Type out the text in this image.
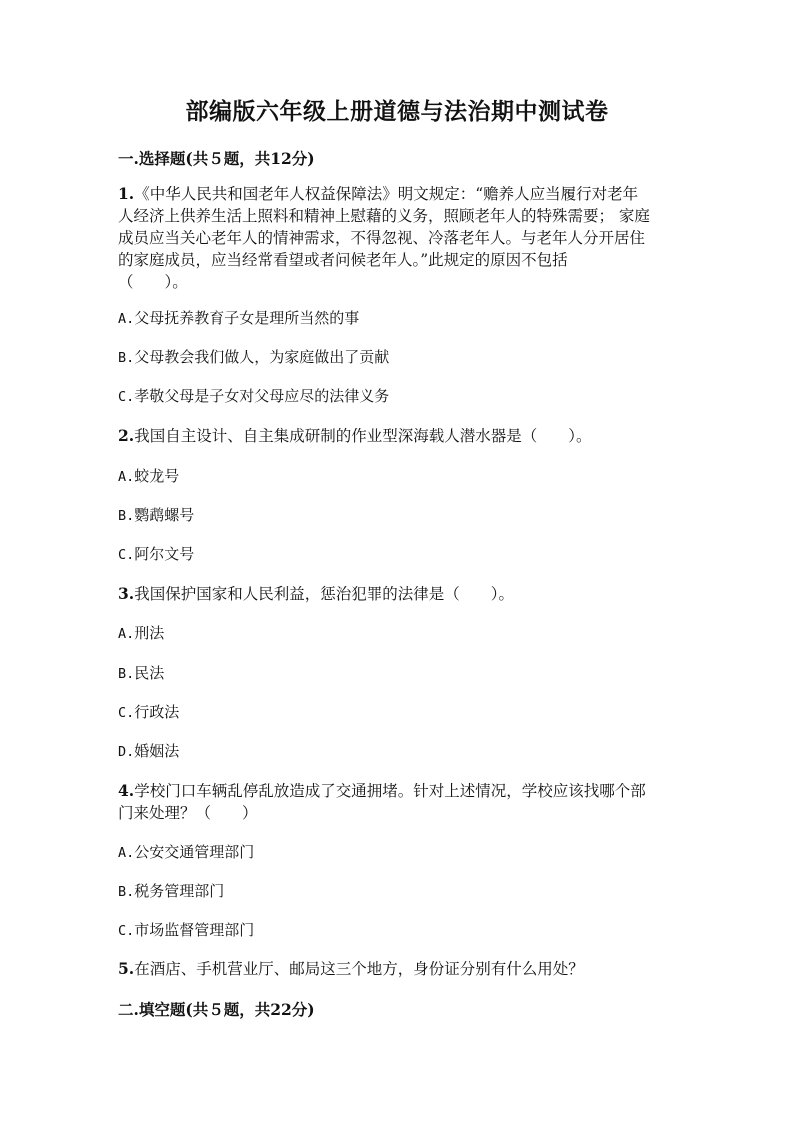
部编版六年级上册道德与法治期中测试卷
一.选择题(共５题，共12分)
1.《中华人民共和国老年人权益保障法》明文规定：“赡养人应当履行对老年
人经济上供养生活上照料和精神上慰藉的义务，照顾老年人的特殊需要； 家庭
成员应当关心老年人的情神需求，不得忽视、冷落老年人。与老年人分开居住
的家庭成员，应当经常看望或者问候老年人。”此规定的原因不包括
（　　）。
A.父母抚养教育子女是理所当然的事
B.父母教会我们做人，为家庭做出了贡献
C.孝敬父母是子女对父母应尽的法律义务
2.我国自主设计、自主集成研制的作业型深海载人潜水器是（　　）。
A.蛟龙号
B.鹦鹉螺号
C.阿尔文号
3.我国保护国家和人民利益，惩治犯罪的法律是（　　）。
A.刑法
B.民法
C.行政法
D.婚姻法
4.学校门口车辆乱停乱放造成了交通拥堵。针对上述情况，学校应该找哪个部
门来处理？（　　）
A.公安交通管理部门
B.税务管理部门
C.市场监督管理部门
5.在酒店、手机营业厅、邮局这三个地方，身份证分别有什么用处？
二.填空题(共５题，共22分)
